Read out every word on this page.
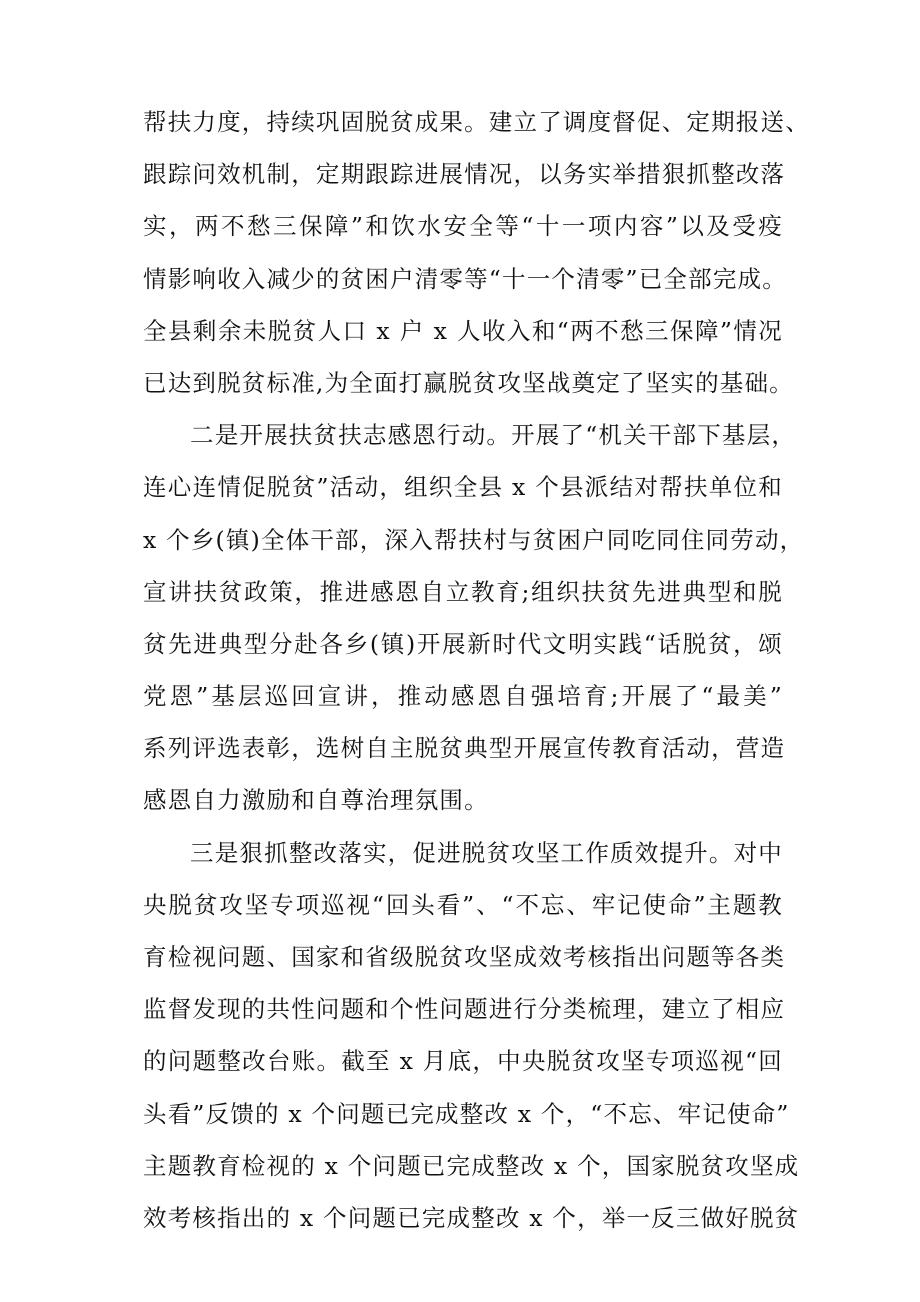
帮扶力度，持续巩固脱贫成果。建立了调度督促、定期报送、
跟踪问效机制，定期跟踪进展情况，以务实举措狠抓整改落
实，两不愁三保障”和饮水安全等“十一项内容”以及受疫
情影响收入减少的贫困户清零等“十一个清零”已全部完成。
全县剩余未脱贫人口 x 户 x 人收入和“两不愁三保障”情况
已达到脱贫标准,为全面打赢脱贫攻坚战奠定了坚实的基础。
二是开展扶贫扶志感恩行动。开展了“机关干部下基层，
连心连情促脱贫”活动，组织全县 x 个县派结对帮扶单位和
x 个乡(镇)全体干部，深入帮扶村与贫困户同吃同住同劳动，
宣讲扶贫政策，推进感恩自立教育;组织扶贫先进典型和脱
贫先进典型分赴各乡(镇)开展新时代文明实践“话脱贫，颂
党恩”基层巡回宣讲，推动感恩自强培育;开展了“最美”
系列评选表彰，选树自主脱贫典型开展宣传教育活动，营造
感恩自力激励和自尊治理氛围。
三是狠抓整改落实，促进脱贫攻坚工作质效提升。对中
央脱贫攻坚专项巡视“回头看”、“不忘、牢记使命”主题教
育检视问题、国家和省级脱贫攻坚成效考核指出问题等各类
监督发现的共性问题和个性问题进行分类梳理，建立了相应
的问题整改台账。截至 x 月底，中央脱贫攻坚专项巡视“回
头看”反馈的 x 个问题已完成整改 x 个，“不忘、牢记使命”
主题教育检视的 x 个问题已完成整改 x 个，国家脱贫攻坚成
效考核指出的 x 个问题已完成整改 x 个，举一反三做好脱贫
